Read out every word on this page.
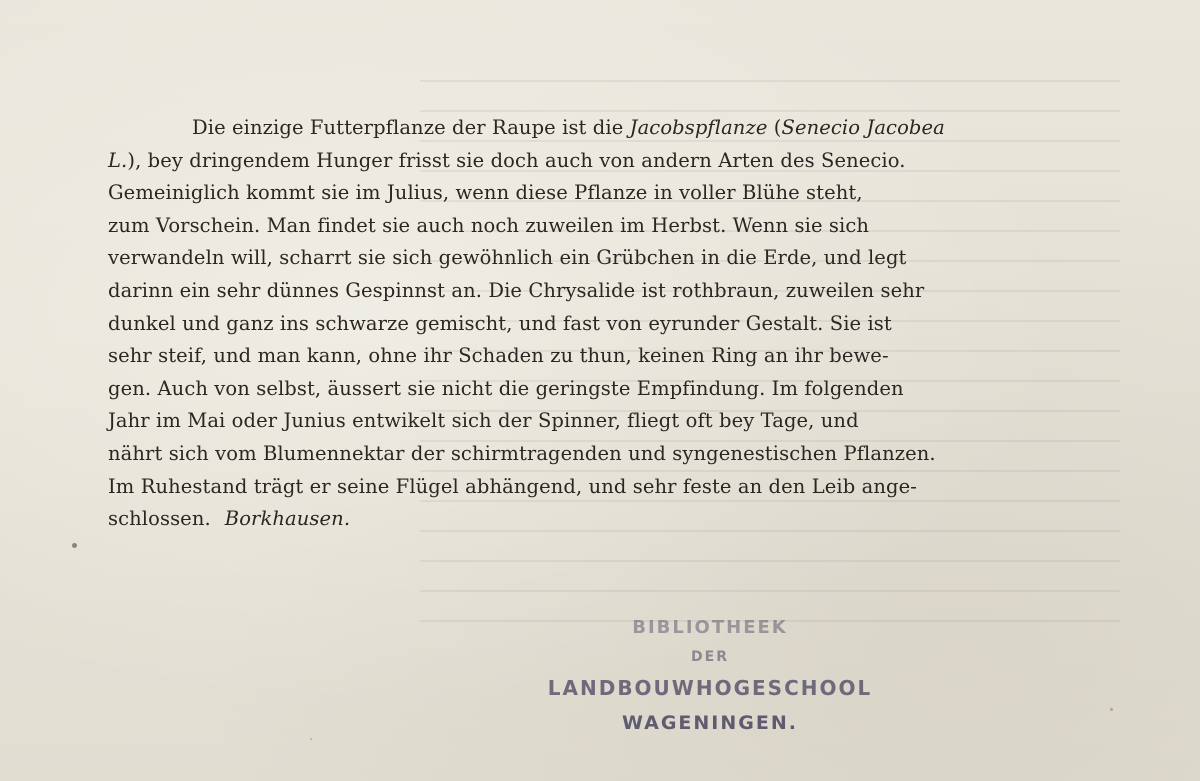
Die einzige Futterpflanze der Raupe ist die Jacobspflanze (Senecio Jacobea
L.), bey dringendem Hunger frisst sie doch auch von andern Arten des Senecio.
Gemeiniglich kommt sie im Julius, wenn diese Pflanze in voller Blühe steht,
zum Vorschein. Man findet sie auch noch zuweilen im Herbst. Wenn sie sich
verwandeln will, scharrt sie sich gewöhnlich ein Grübchen in die Erde, und legt
darinn ein sehr dünnes Gespinnst an. Die Chrysalide ist rothbraun, zuweilen sehr
dunkel und ganz ins schwarze gemischt, und fast von eyrunder Gestalt. Sie ist
sehr steif, und man kann, ohne ihr Schaden zu thun, keinen Ring an ihr bewe-
gen. Auch von selbst, äussert sie nicht die geringste Empfindung. Im folgenden
Jahr im Mai oder Junius entwikelt sich der Spinner, fliegt oft bey Tage, und
nährt sich vom Blumennektar der schirmtragenden und syngenestischen Pflanzen.
Im Ruhestand trägt er seine Flügel abhängend, und sehr feste an den Leib ange-
schlossen. Borkhausen.
BIBLIOTHEEK
DER
LANDBOUWHOGESCHOOL
WAGENINGEN.
